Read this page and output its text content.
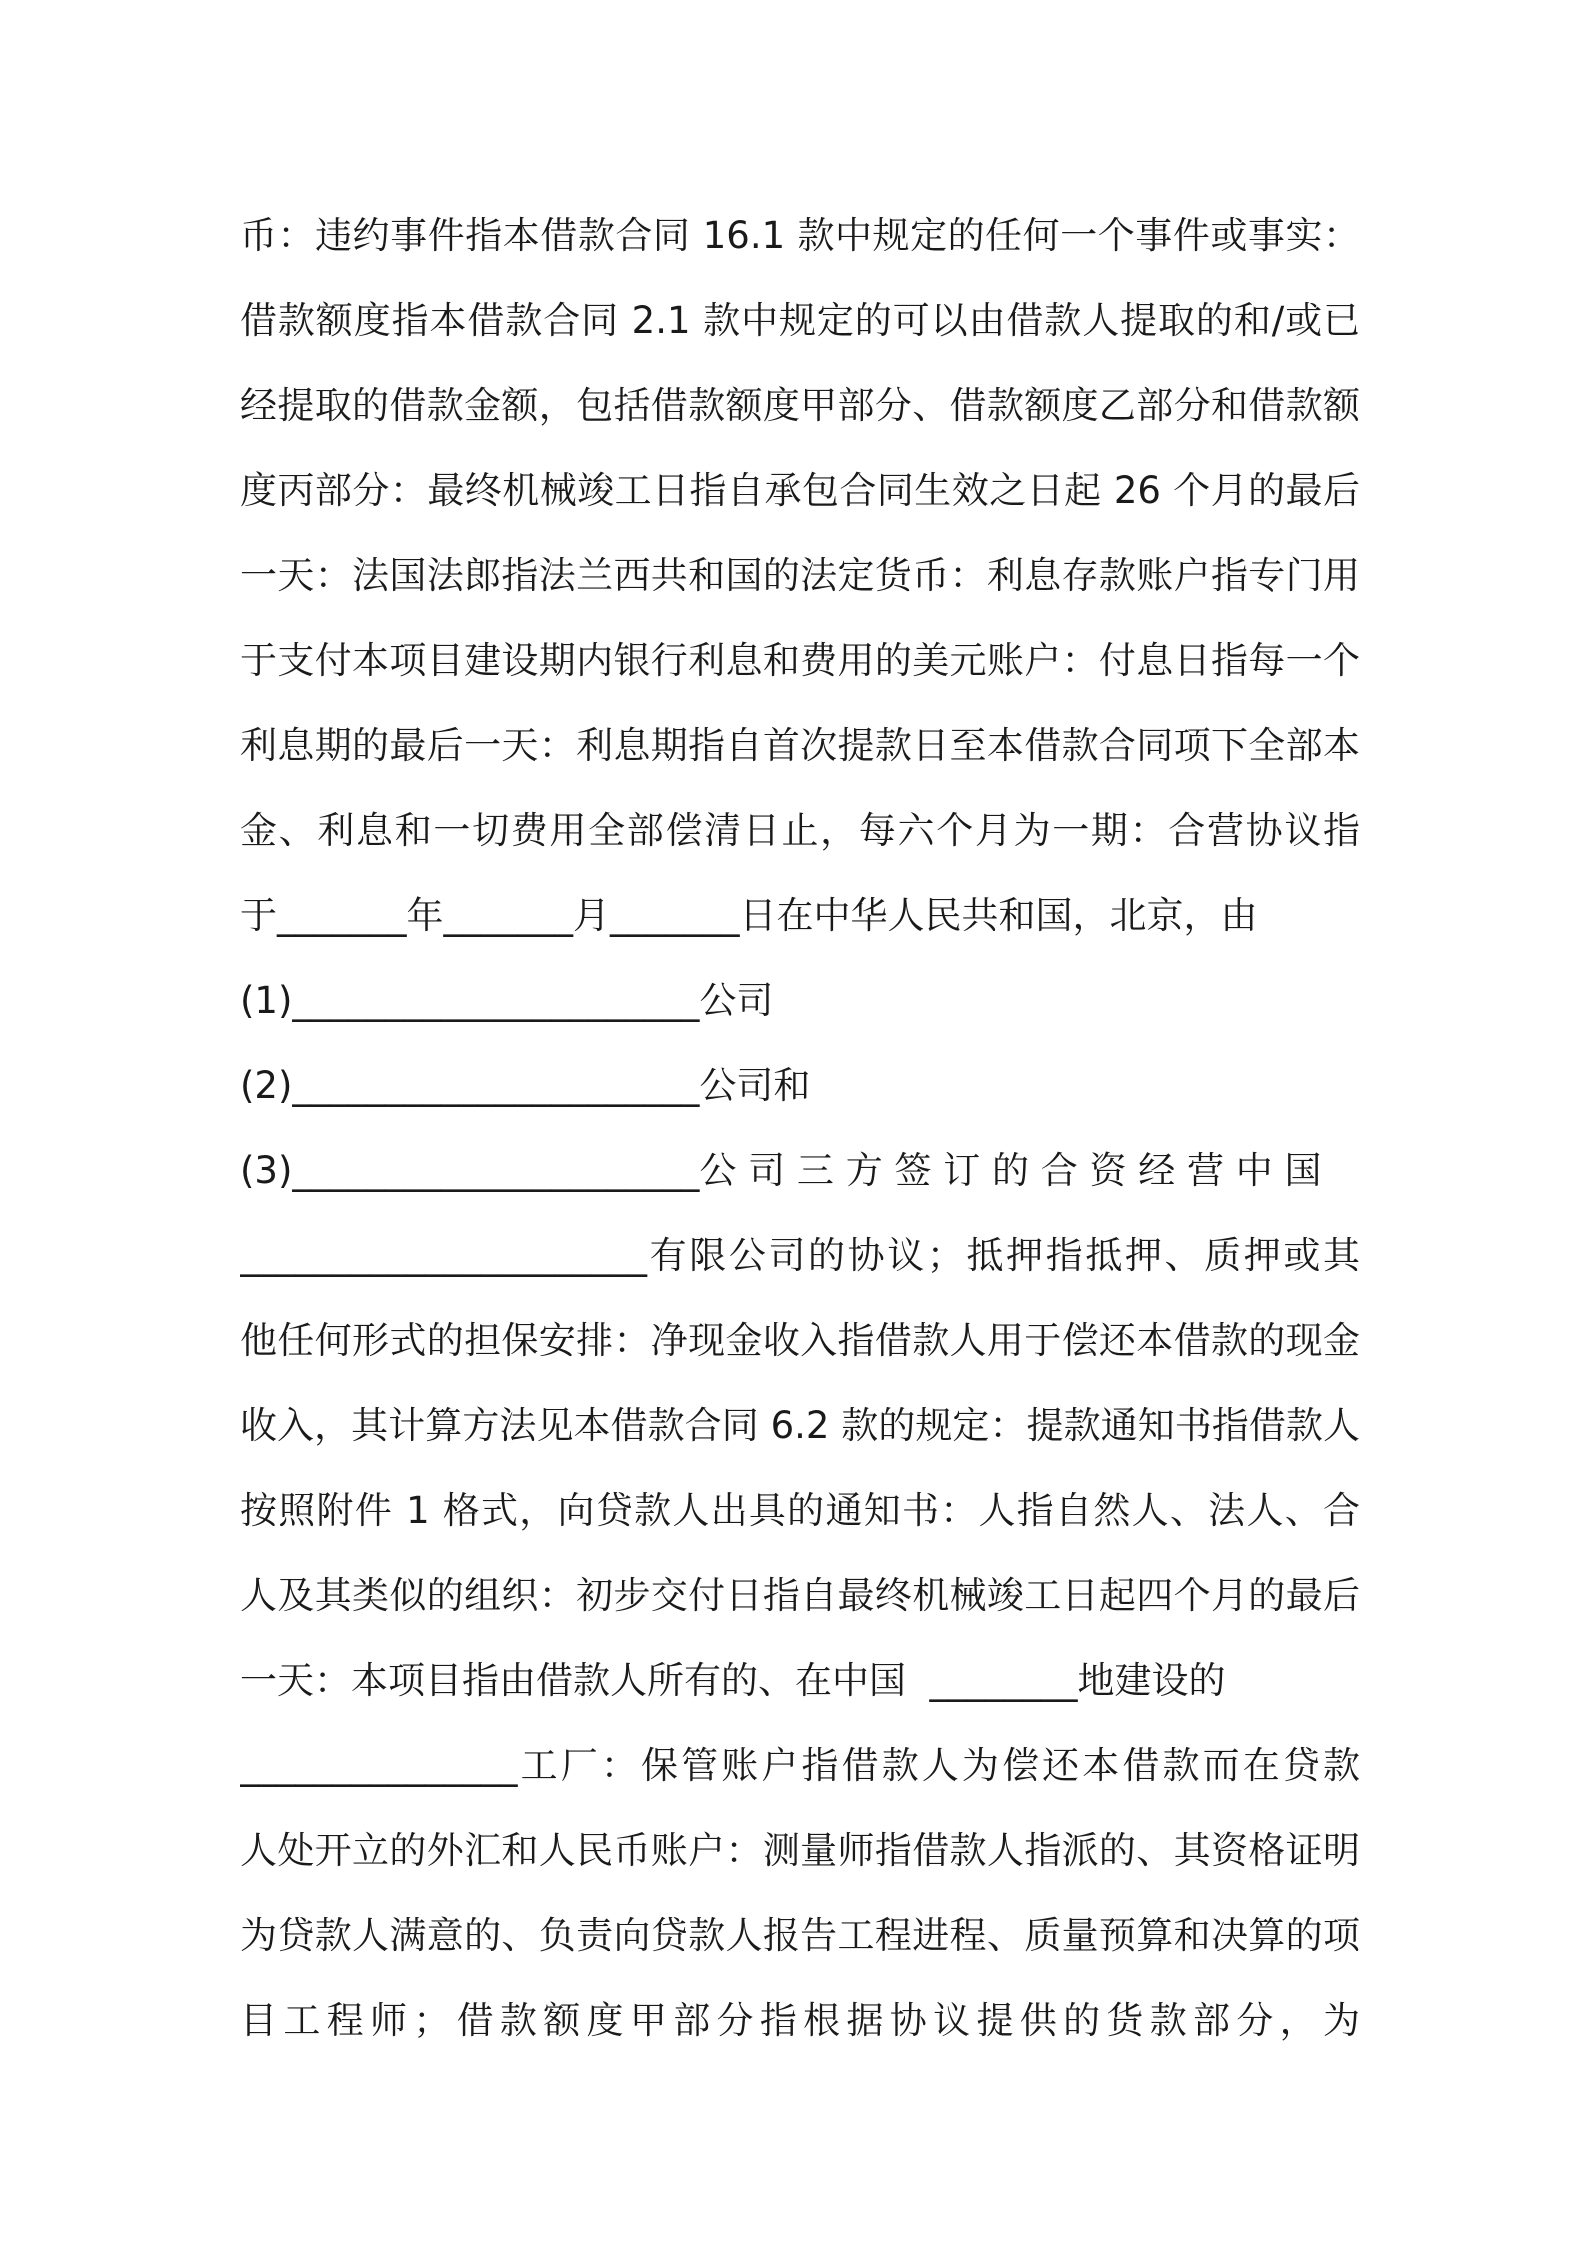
币：违约事件指本借款合同 16.1 款中规定的任何一个事件或事实：
借款额度指本借款合同 2.1 款中规定的可以由借款人提取的和/或已
经提取的借款金额，包括借款额度甲部分、借款额度乙部分和借款额
度丙部分：最终机械竣工日指自承包合同生效之日起 26 个月的最后
一天：法国法郎指法兰西共和国的法定货币：利息存款账户指专门用
于支付本项目建设期内银行利息和费用的美元账户：付息日指每一个
利息期的最后一天：利息期指自首次提款日至本借款合同项下全部本
金、利息和一切费用全部偿清日止，每六个月为一期：合营协议指
于_______年_______月_______日在中华人民共和国，北京，由
(1)______________________公司
(2)______________________公司和
(3)______________________公 司 三 方 签 订 的 合 资 经 营 中 国
______________________有限公司的协议；抵押指抵押、质押或其
他任何形式的担保安排：净现金收入指借款人用于偿还本借款的现金
收入，其计算方法见本借款合同 6.2 款的规定：提款通知书指借款人
按照附件 1 格式，向贷款人出具的通知书：人指自然人、法人、合
人及其类似的组织：初步交付日指自最终机械竣工日起四个月的最后
一天：本项目指由借款人所有的、在中国  ________地建设的
_______________工厂：保管账户指借款人为偿还本借款而在贷款
人处开立的外汇和人民币账户：测量师指借款人指派的、其资格证明
为贷款人满意的、负责向贷款人报告工程进程、质量预算和决算的项
目工程师；借款额度甲部分指根据协议提供的货款部分，为
